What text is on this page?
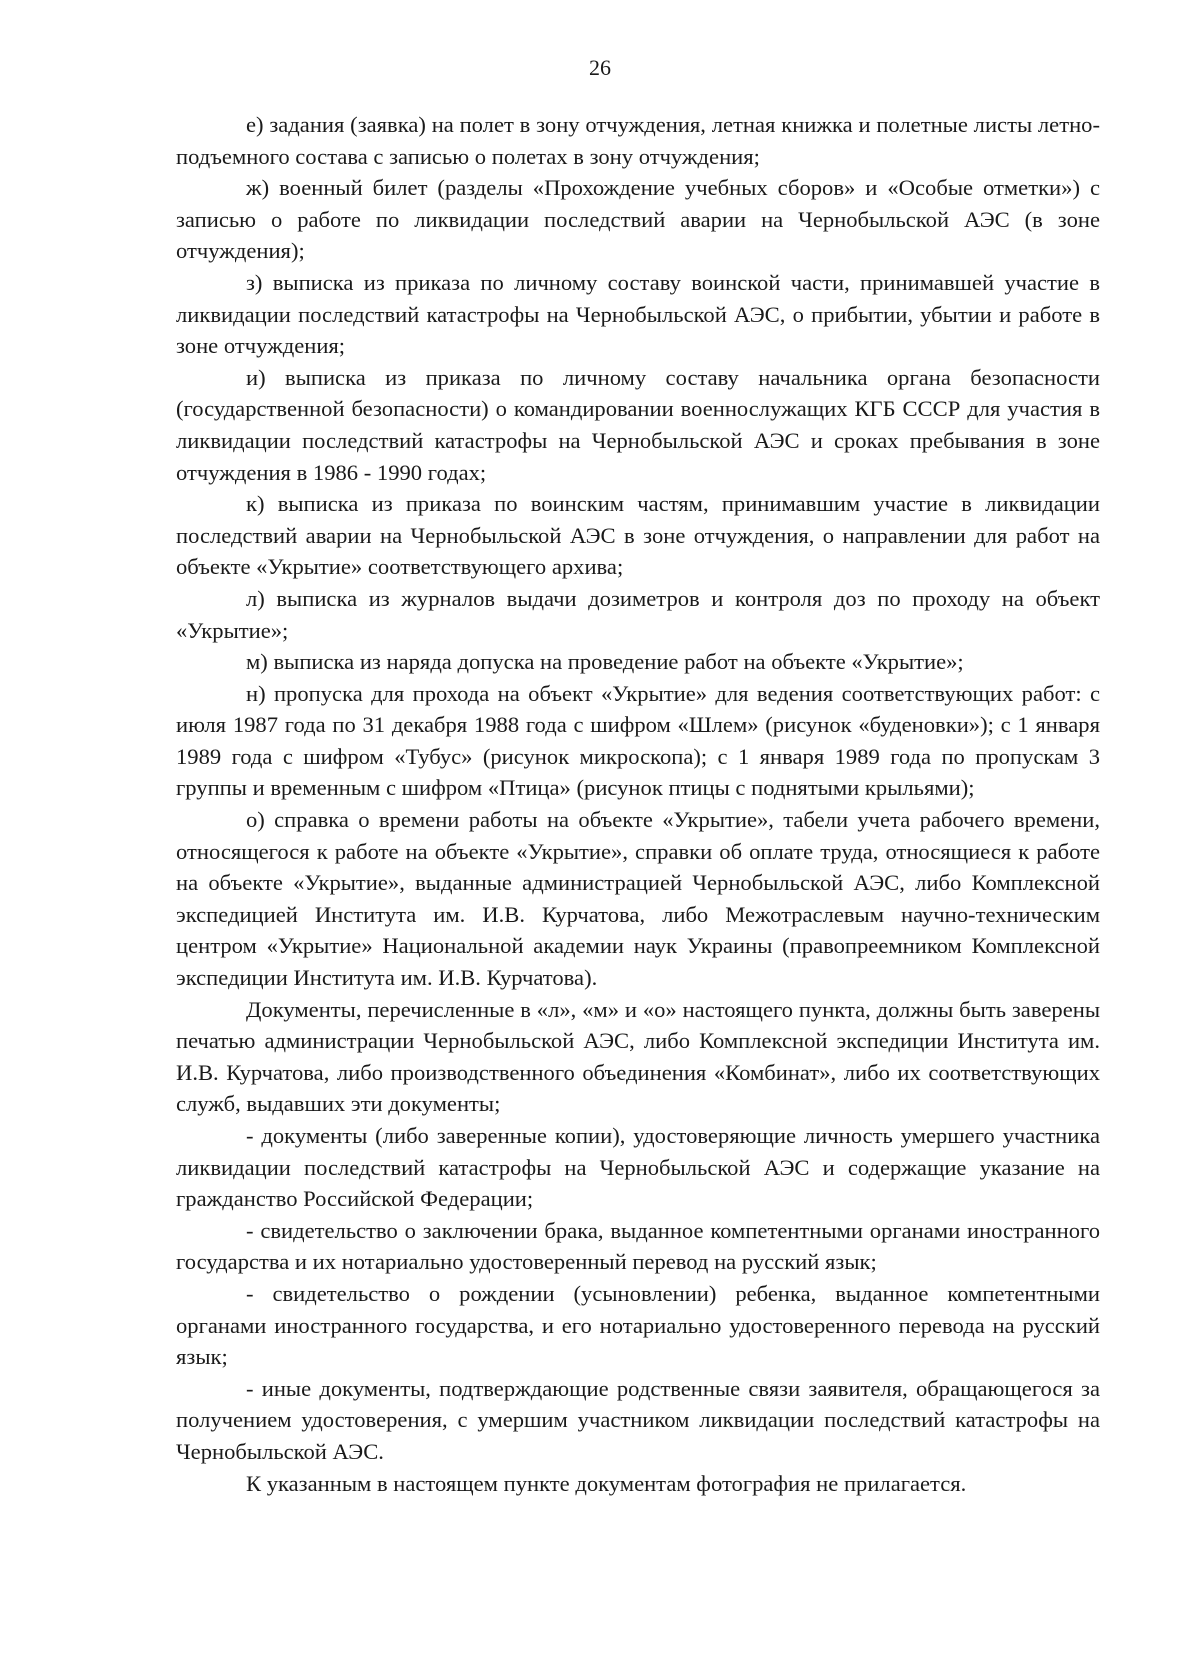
26

е) задания (заявка) на полет в зону отчуждения, летная книжка и полетные листы летно-подъемного состава с записью о полетах в зону отчуждения;

ж) военный билет (разделы «Прохождение учебных сборов» и «Особые отметки») с записью о работе по ликвидации последствий аварии на Чернобыльской АЭС (в зоне отчуждения);

з) выписка из приказа по личному составу воинской части, принимавшей участие в ликвидации последствий катастрофы на Чернобыльской АЭС, о прибытии, убытии и работе в зоне отчуждения;

и) выписка из приказа по личному составу начальника органа безопасности (государственной безопасности) о командировании военнослужащих КГБ СССР для участия в ликвидации последствий катастрофы на Чернобыльской АЭС и сроках пребывания в зоне отчуждения в 1986 - 1990 годах;

к) выписка из приказа по воинским частям, принимавшим участие в ликвидации последствий аварии на Чернобыльской АЭС в зоне отчуждения, о направлении для работ на объекте «Укрытие» соответствующего архива;

л) выписка из журналов выдачи дозиметров и контроля доз по проходу на объект «Укрытие»;

м) выписка из наряда допуска на проведение работ на объекте «Укрытие»;

н) пропуска для прохода на объект «Укрытие» для ведения соответствующих работ: с июля 1987 года по 31 декабря 1988 года с шифром «Шлем» (рисунок «буденовки»); с 1 января 1989 года с шифром «Тубус» (рисунок микроскопа); с 1 января 1989 года по пропускам 3 группы и временным с шифром «Птица» (рисунок птицы с поднятыми крыльями);

о) справка о времени работы на объекте «Укрытие», табели учета рабочего времени, относящегося к работе на объекте «Укрытие», справки об оплате труда, относящиеся к работе на объекте «Укрытие», выданные администрацией Чернобыльской АЭС, либо Комплексной экспедицией Института им. И.В. Курчатова, либо Межотраслевым научно-техническим центром «Укрытие» Национальной академии наук Украины (правопреемником Комплексной экспедиции Института им. И.В. Курчатова).

Документы, перечисленные в «л», «м» и «о» настоящего пункта, должны быть заверены печатью администрации Чернобыльской АЭС, либо Комплексной экспедиции Института им. И.В. Курчатова, либо производственного объединения «Комбинат», либо их соответствующих служб, выдавших эти документы;

- документы (либо заверенные копии), удостоверяющие личность умершего участника ликвидации последствий катастрофы на Чернобыльской АЭС и содержащие указание на гражданство Российской Федерации;

- свидетельство о заключении брака, выданное компетентными органами иностранного государства и их нотариально удостоверенный перевод на русский язык;

- свидетельство о рождении (усыновлении) ребенка, выданное компетентными органами иностранного государства, и его нотариально удостоверенного перевода на русский язык;

- иные документы, подтверждающие родственные связи заявителя, обращающегося за получением удостоверения, с умершим участником ликвидации последствий катастрофы на Чернобыльской АЭС.

К указанным в настоящем пункте документам фотография не прилагается.
